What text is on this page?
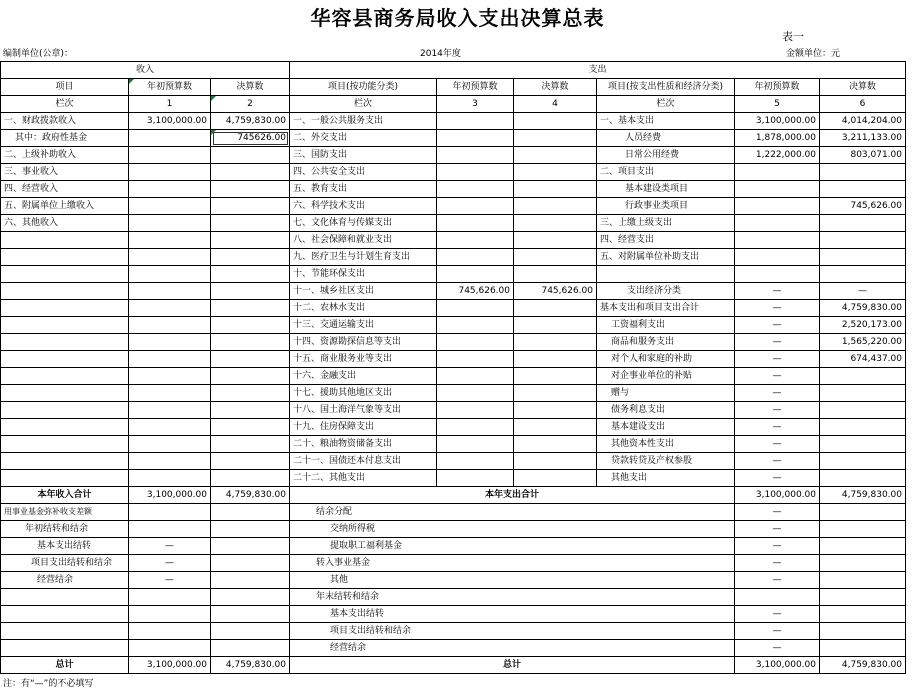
华容县商务局收入支出决算总表
表一
编制单位(公章)：	2014年度	金额单位：元
收入			支出					
项目	年初预算数	决算数	项目(按功能分类)	年初预算数	决算数	项目(按支出性质和经济分类)	年初预算数	决算数
栏次	1	2	栏次	3	4	栏次	5	6
一、财政拨款收入	3,100,000.00	4,759,830.00	一、一般公共服务支出			一、基本支出	3,100,000.00	4,014,204.00
其中：政府性基金		745626.00	二、外交支出			人员经费	1,878,000.00	3,211,133.00
二、上级补助收入			三、国防支出			日常公用经费	1,222,000.00	803,071.00
三、事业收入			四、公共安全支出			二、项目支出		
四、经营收入			五、教育支出			基本建设类项目		
五、附属单位上缴收入			六、科学技术支出			行政事业类项目		745,626.00
六、其他收入			七、文化体育与传媒支出			三、上缴上级支出		
			八、社会保障和就业支出			四、经营支出		
			九、医疗卫生与计划生育支出			五、对附属单位补助支出		
			十、节能环保支出					
			十一、城乡社区支出	745,626.00	745,626.00	支出经济分类	—	—
			十二、农林水支出			基本支出和项目支出合计	—	4,759,830.00
			十三、交通运输支出			工资福利支出	—	2,520,173.00
			十四、资源勘探信息等支出			商品和服务支出	—	1,565,220.00
			十五、商业服务业等支出			对个人和家庭的补助	—	674,437.00
			十六、金融支出			对企事业单位的补贴	—	
			十七、援助其他地区支出			赠与	—	
			十八、国土海洋气象等支出			债务利息支出	—	
			十九、住房保障支出			基本建设支出	—	
			二十、粮油物资储备支出			其他资本性支出	—	
			二十一、国债还本付息支出			贷款转贷及产权参股	—	
			二十二、其他支出			其他支出	—	
本年收入合计	3,100,000.00	4,759,830.00	本年支出合计				3,100,000.00	4,759,830.00
用事业基金弥补收支差额			结余分配				—	
年初结转和结余			交纳所得税				—	
基本支出结转	—		提取职工福利基金				—	
项目支出结转和结余	—		转入事业基金				—	
经营结余	—		其他				—	
			年末结转和结余					
			基本支出结转				—	
			项目支出结转和结余				—	
			经营结余				—	
总计	3,100,000.00	4,759,830.00	总计				3,100,000.00	4,759,830.00
注：有“—”的不必填写
